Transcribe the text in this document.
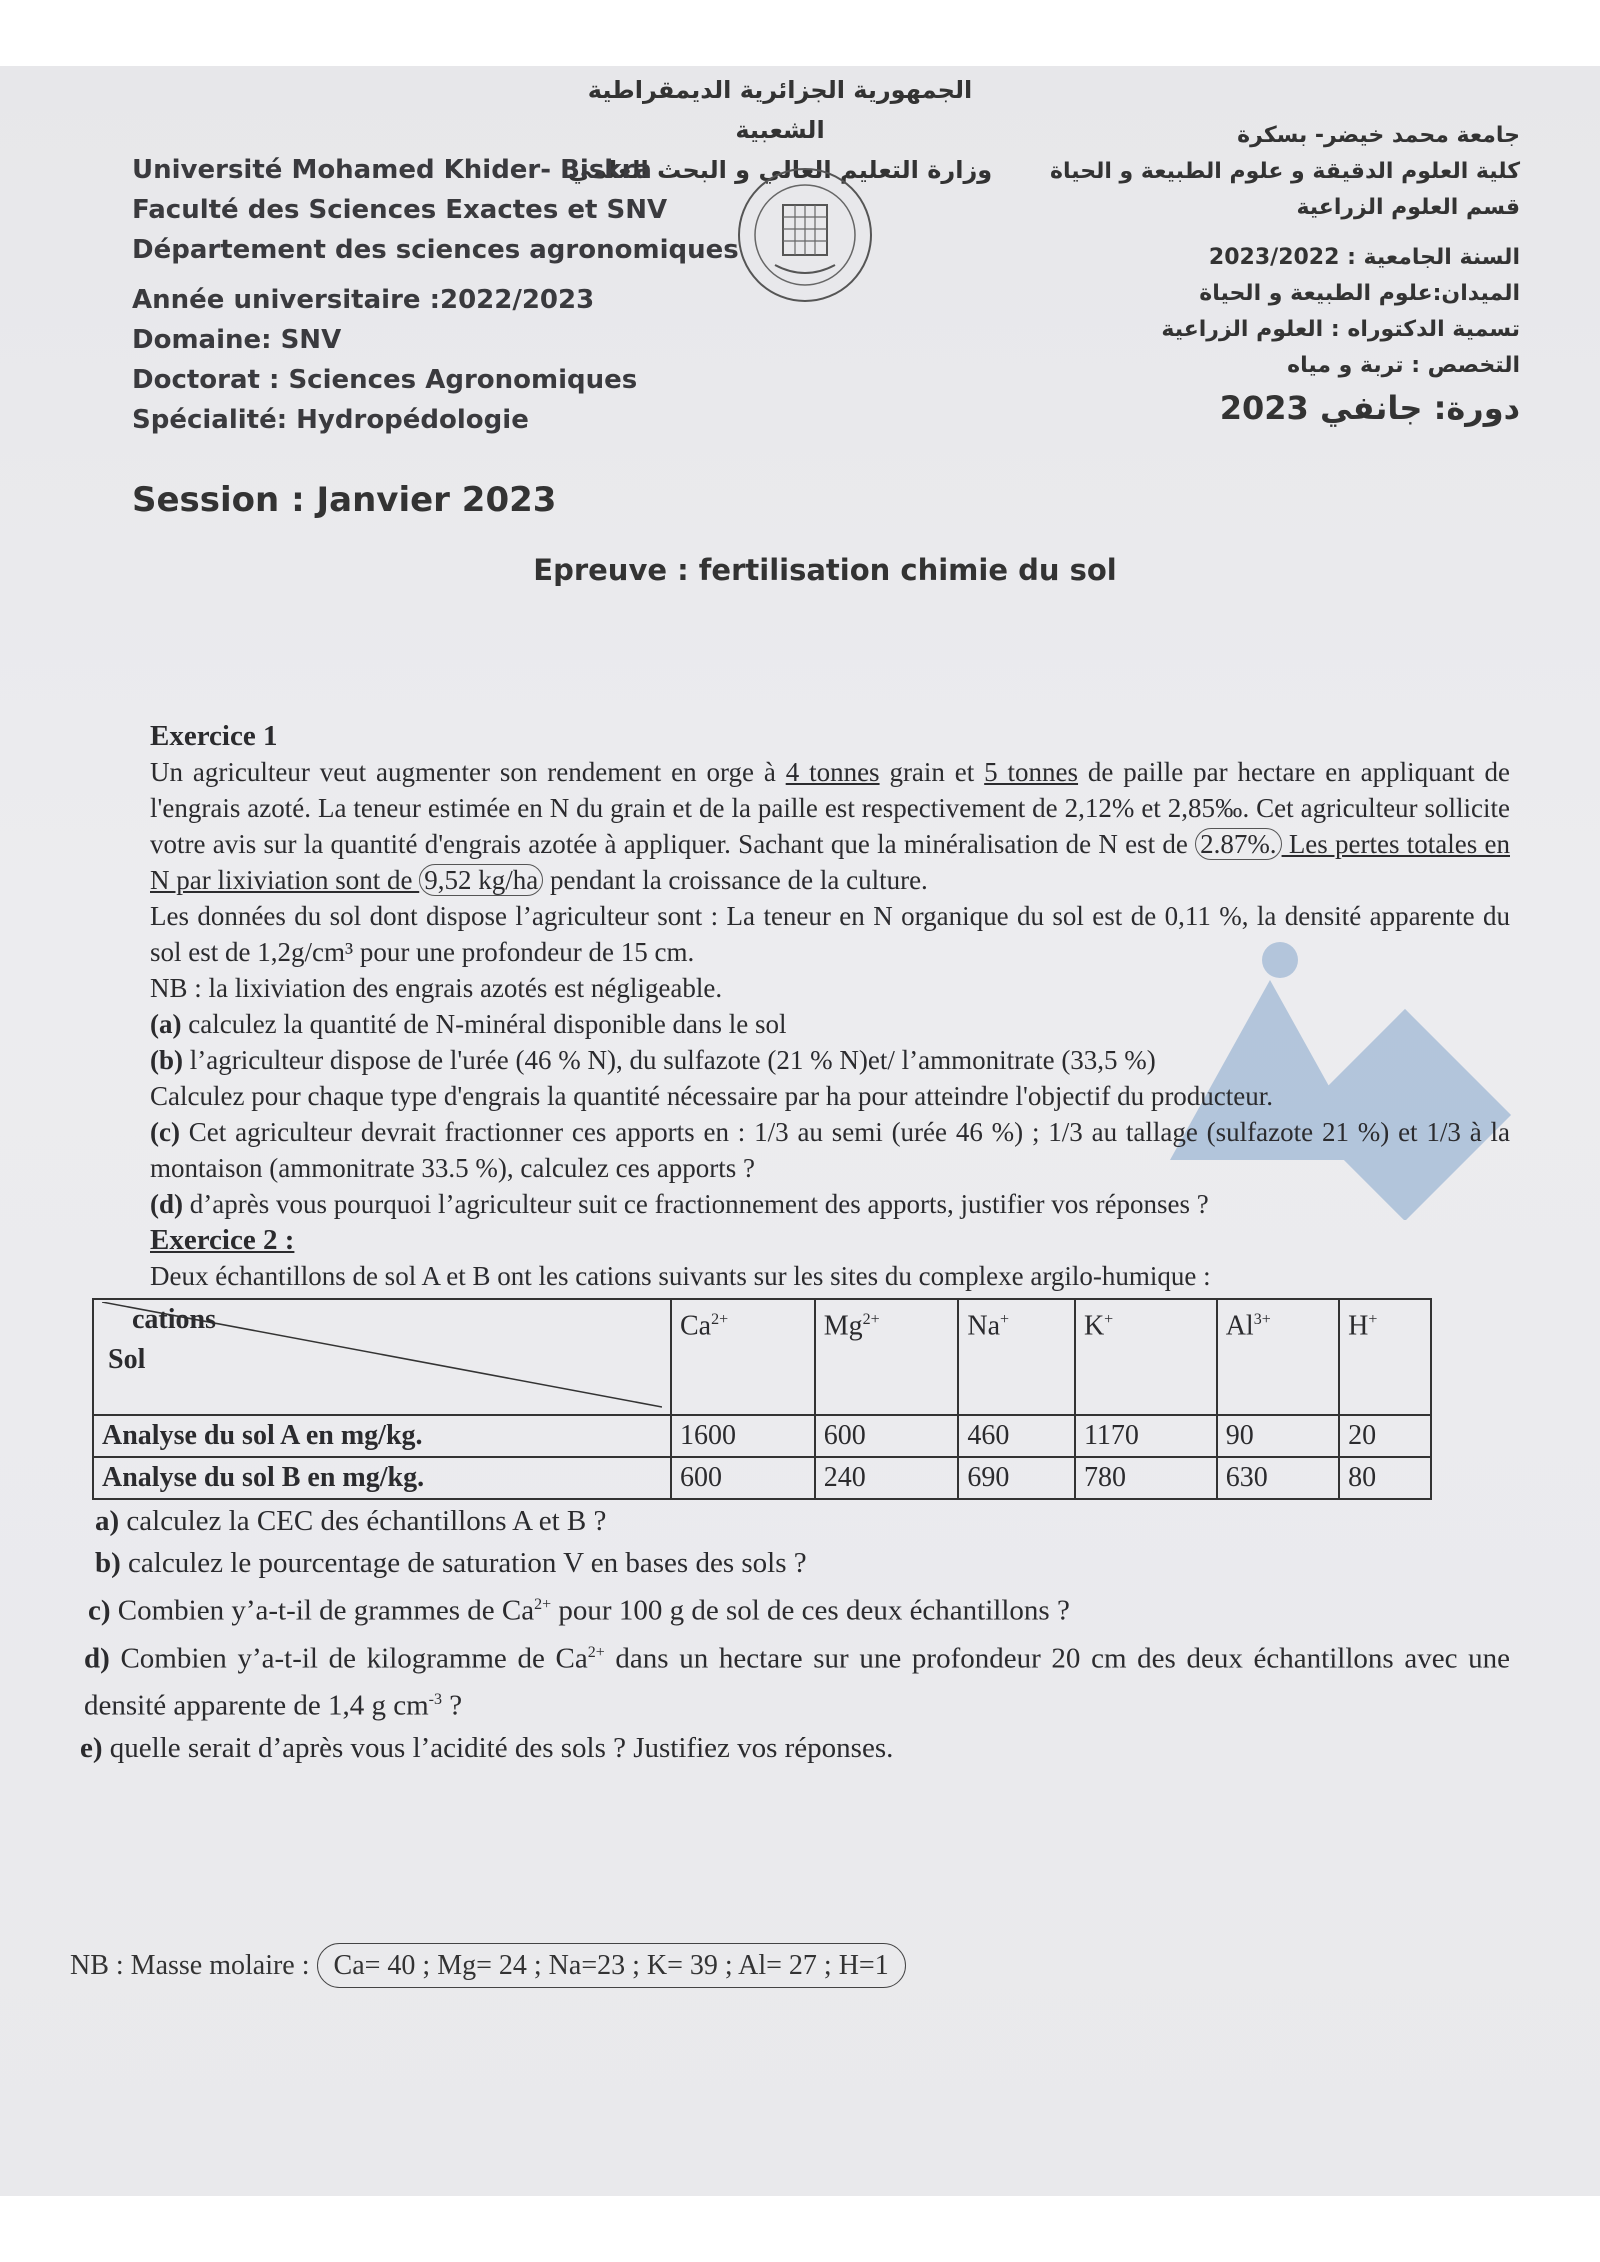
الجمهورية الجزائرية الديمقراطية الشعبية
وزارة التعليم العالي و البحث العلمي
جامعة محمد خيضر- بسكرة
كلية العلوم الدقيقة و علوم الطبيعة و الحياة
قسم العلوم الزراعية
السنة الجامعية : 2023/2022
الميدان:علوم الطبيعة و الحياة
تسمية الدكتوراه : العلوم الزراعية
التخصص : تربة و مياه
دورة: جانفي 2023
Université Mohamed Khider- Biskra
Faculté des Sciences Exactes et SNV
Département des sciences agronomiques
Année universitaire :2022/2023
Domaine: SNV
Doctorat : Sciences Agronomiques
Spécialité: Hydropédologie
Session : Janvier 2023
Epreuve : fertilisation chimie du sol

Exercice 1

Un agriculteur veut augmenter son rendement en orge à 4 tonnes grain et 5 tonnes de paille par hectare en appliquant de l'engrais azoté. La teneur estimée en N du grain et de la paille est respectivement de 2,12% et 2,85‰. Cet agriculteur sollicite votre avis sur la quantité d'engrais azotée à appliquer. Sachant que la minéralisation de N est de 2.87%. Les pertes totales en N par lixiviation sont de 9,52 kg/ha pendant la croissance de la culture.

Les données du sol dont dispose l’agriculteur sont : La teneur en N organique du sol est de 0,11 %, la densité apparente du sol est de 1,2g/cm³ pour une profondeur de 15 cm.

NB : la lixiviation des engrais azotés est négligeable.

(a) calculez la quantité de N-minéral disponible dans le sol

(b) l’agriculteur dispose de l'urée (46 % N), du sulfazote (21 % N)et/ l’ammonitrate (33,5 %)

Calculez pour chaque type d'engrais la quantité nécessaire par ha pour atteindre l'objectif du producteur.

(c) Cet agriculteur devrait fractionner ces apports en : 1/3 au semi (urée 46 %) ; 1/3 au tallage (sulfazote 21 %) et 1/3 à la montaison (ammonitrate 33.5 %), calculez ces apports ?

(d) d’après vous pourquoi l’agriculteur suit ce fractionnement des apports, justifier vos réponses ?

Exercice 2 :

Deux échantillons de sol A et B ont les cations suivants sur les sites du complexe argilo-humique :

cations
Sol	$Ca^{2+}$	$Mg^{2+}$	Na+	K+	$Al^{3+}$	H+
Analyse du sol A en mg/kg.	1600	600	460	1170	90	20
Analyse du sol B en mg/kg.	600	240	690	780	630	80

a) calculez la CEC des échantillons A et B ?

b) calculez le pourcentage de saturation V en bases des sols ?

c) Combien y’a-t-il de grammes de $Ca^{2+}$ pour 100 g de sol de ces deux échantillons ?

d) Combien y’a-t-il de kilogramme de $Ca^{2+}$ dans un hectare sur une profondeur 20 cm des deux échantillons avec une densité apparente de 1,4 g $cm^{-3}$ ?

e) quelle serait d’après vous l’acidité des sols ? Justifiez vos réponses.

NB : Masse molaire : Ca= 40 ; Mg= 24 ; Na=23 ; K= 39 ; Al= 27 ; H=1
